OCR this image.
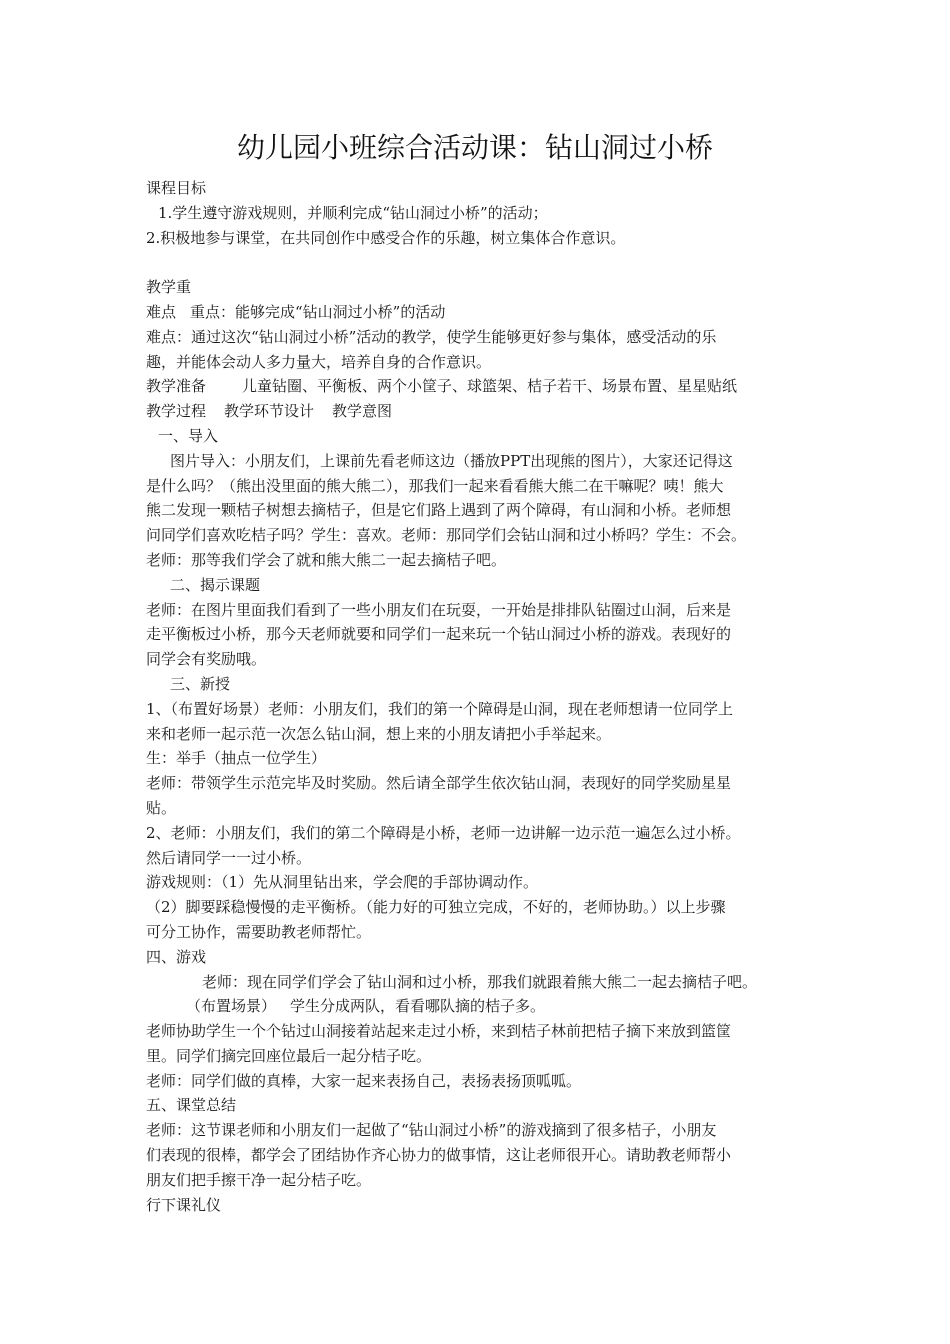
幼儿园小班综合活动课：钻山洞过小桥
课程目标
1.学生遵守游戏规则，并顺利完成“钻山洞过小桥”的活动；
2.积极地参与课堂，在共同创作中感受合作的乐趣，树立集体合作意识。
教学重
难点 重点：能够完成“钻山洞过小桥”的活动
难点：通过这次“钻山洞过小桥”活动的教学，使学生能够更好参与集体，感受活动的乐
趣，并能体会动人多力量大，培养自身的合作意识。
教学准备 儿童钻圈、平衡板、两个小筐子、球篮架、桔子若干、场景布置、星星贴纸
教学过程 教学环节设计 教学意图
一、导入
图片导入：小朋友们，上课前先看老师这边（播放PPT出现熊的图片），大家还记得这
是什么吗？（熊出没里面的熊大熊二），那我们一起来看看熊大熊二在干嘛呢？咦！熊大
熊二发现一颗桔子树想去摘桔子，但是它们路上遇到了两个障碍，有山洞和小桥。老师想
问同学们喜欢吃桔子吗？学生：喜欢。老师：那同学们会钻山洞和过小桥吗？学生：不会。
老师：那等我们学会了就和熊大熊二一起去摘桔子吧。
二、揭示课题
老师：在图片里面我们看到了一些小朋友们在玩耍，一开始是排排队钻圈过山洞，后来是
走平衡板过小桥，那今天老师就要和同学们一起来玩一个钻山洞过小桥的游戏。表现好的
同学会有奖励哦。
三、新授
1、（布置好场景）老师：小朋友们，我们的第一个障碍是山洞，现在老师想请一位同学上
来和老师一起示范一次怎么钻山洞，想上来的小朋友请把小手举起来。
生：举手（抽点一位学生）
老师：带领学生示范完毕及时奖励。然后请全部学生依次钻山洞，表现好的同学奖励星星
贴。
2、老师：小朋友们，我们的第二个障碍是小桥，老师一边讲解一边示范一遍怎么过小桥。
然后请同学一一过小桥。
游戏规则：（1）先从洞里钻出来，学会爬的手部协调动作。
（2）脚要踩稳慢慢的走平衡桥。（能力好的可独立完成，不好的，老师协助。）以上步骤
可分工协作，需要助教老师帮忙。
四、游戏
老师：现在同学们学会了钻山洞和过小桥，那我们就跟着熊大熊二一起去摘桔子吧。
（布置场景） 学生分成两队，看看哪队摘的桔子多。
老师协助学生一个个钻过山洞接着站起来走过小桥，来到桔子林前把桔子摘下来放到篮筐
里。同学们摘完回座位最后一起分桔子吃。
老师：同学们做的真棒，大家一起来表扬自己，表扬表扬顶呱呱。
五、课堂总结
老师：这节课老师和小朋友们一起做了“钻山洞过小桥”的游戏摘到了很多桔子，小朋友
们表现的很棒，都学会了团结协作齐心协力的做事情，这让老师很开心。请助教老师帮小
朋友们把手擦干净一起分桔子吃。
行下课礼仪
